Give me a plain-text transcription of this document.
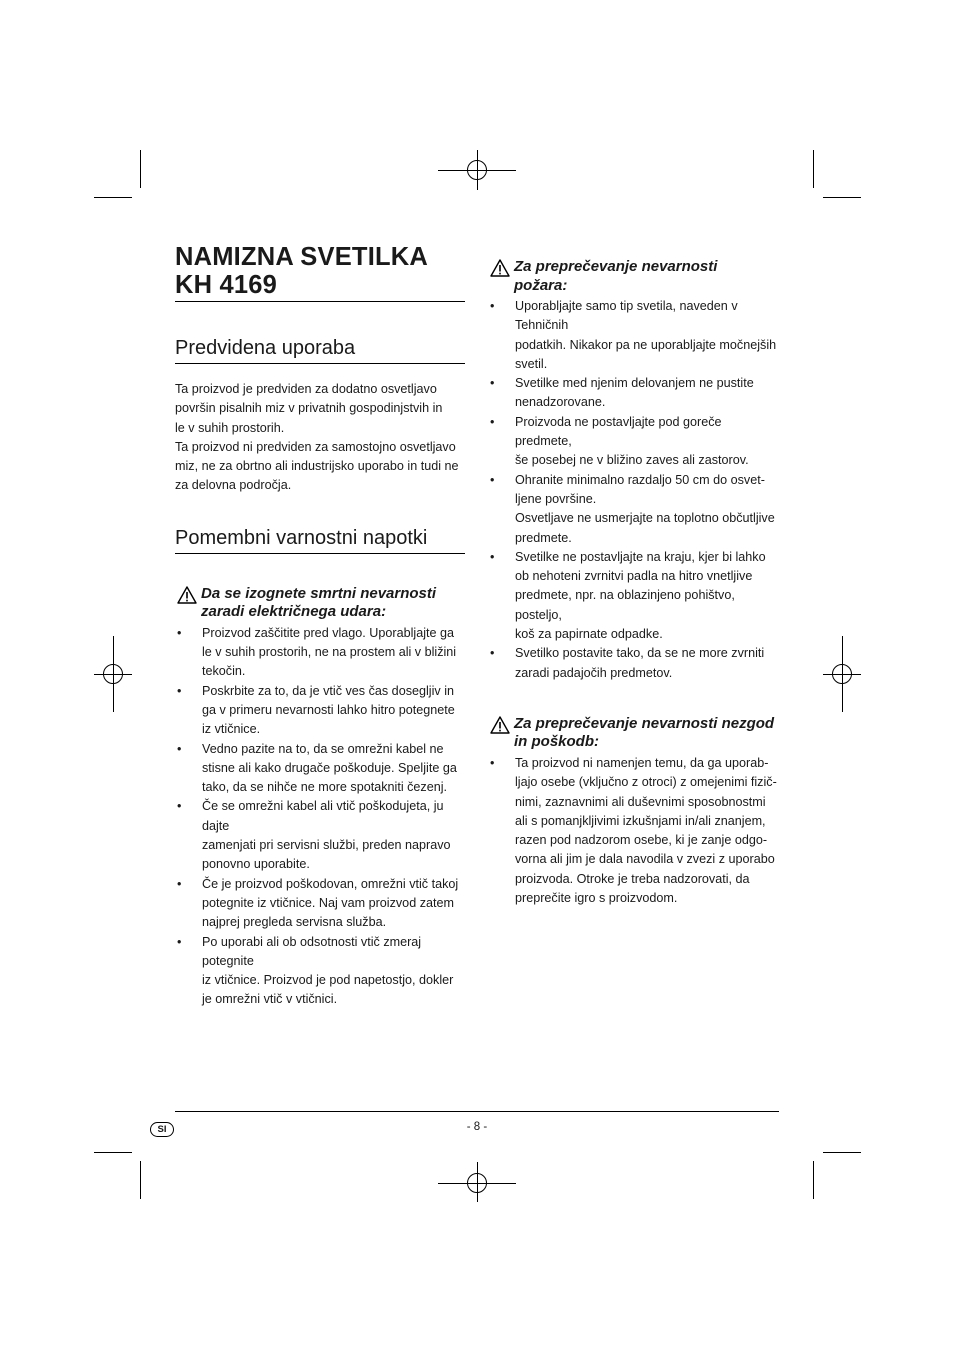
NAMIZNA SVETILKA
KH 4169
Predvidena uporaba

Ta proizvod je predviden za dodatno osvetljavo
površin pisalnih miz v privatnih gospodinjstvih in
le v suhih prostorih.
Ta proizvod ni predviden za samostojno osvetljavo
miz, ne za obrtno ali industrijsko uporabo in tudi ne
za delovna področja.

Pomembni varnostni napotki
Da se izognete smrtni nevarnosti
zaradi električnega udara:
• Proizvod zaščitite pred vlago. Uporabljajte ga
le v suhih prostorih, ne na prostem ali v bližini
tekočin.
• Poskrbite za to, da je vtič ves čas dosegljiv in
ga v primeru nevarnosti lahko hitro potegnete
iz vtičnice.
• Vedno pazite na to, da se omrežni kabel ne
stisne ali kako drugače poškoduje. Speljite ga
tako, da se nihče ne more spotakniti čezenj.
• Če se omrežni kabel ali vtič poškodujeta, ju dajte
zamenjati pri servisni službi, preden napravo
ponovno uporabite.
• Če je proizvod poškodovan, omrežni vtič takoj
potegnite iz vtičnice. Naj vam proizvod zatem
najprej pregleda servisna služba.
• Po uporabi ali ob odsotnosti vtič zmeraj potegnite
iz vtičnice. Proizvod je pod napetostjo, dokler
je omrežni vtič v vtičnici.
Za preprečevanje nevarnosti
požara:
• Uporabljajte samo tip svetila, naveden v Tehničnih
podatkih. Nikakor pa ne uporabljajte močnejših
svetil.
• Svetilke med njenim delovanjem ne pustite
nenadzorovane.
• Proizvoda ne postavljajte pod goreče predmete,
še posebej ne v bližino zaves ali zastorov.
• Ohranite minimalno razdaljo 50 cm do osvet-
ljene površine.
Osvetljave ne usmerjajte na toplotno občutljive
predmete.
• Svetilke ne postavljajte na kraju, kjer bi lahko
ob nehoteni zvrnitvi padla na hitro vnetljive
predmete, npr. na oblazinjeno pohištvo, posteljo,
koš za papirnate odpadke.
• Svetilko postavite tako, da se ne more zvrniti
zaradi padajočih predmetov.
Za preprečevanje nevarnosti nezgod
in poškodb:
• Ta proizvod ni namenjen temu, da ga uporab-
ljajo osebe (vključno z otroci) z omejenimi fizič-
nimi, zaznavnimi ali duševnimi sposobnostmi
ali s pomanjkljivimi izkušnjami in/ali znanjem,
razen pod nadzorom osebe, ki je zanje odgo-
vorna ali jim je dala navodila v zvezi z uporabo
proizvoda. Otroke je treba nadzorovati, da
preprečite igro s proizvodom.
SI	- 8 -
